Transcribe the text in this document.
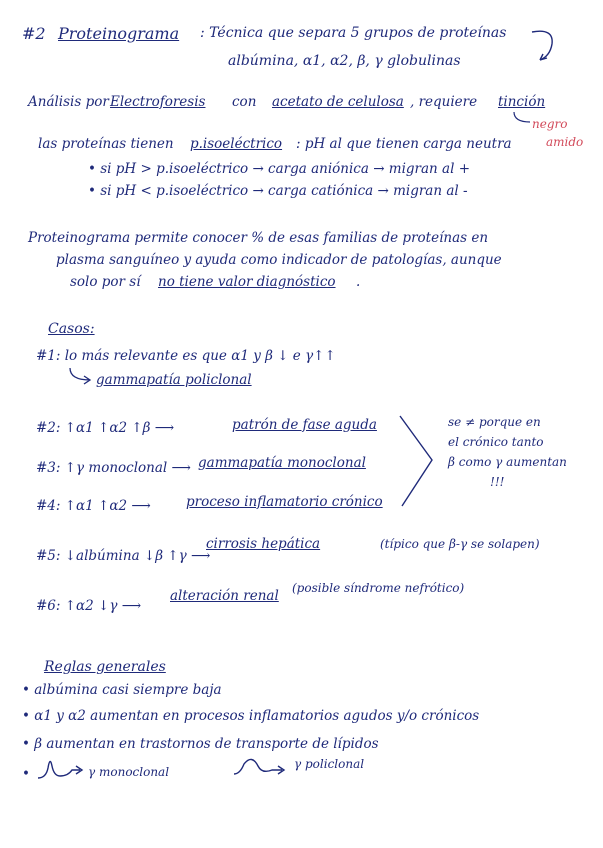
#2 Proteinograma : Técnica que separa 5 grupos de proteínas
albúmina, α1, α2, β, γ globulinas
Análisis por Electroforesis con acetato de celulosa , requiere tinción
negro
amido
las proteínas tienen p.isoeléctrico : pH al que tienen carga neutra
• si pH > p.isoeléctrico → carga aniónica → migran al +
• si pH < p.isoeléctrico → carga catiónica → migran al -
Proteinograma permite conocer % de esas familias de proteínas en
plasma sanguíneo y ayuda como indicador de patologías, aunque
solo por sí no tiene valor diagnóstico .
Casos:
#1: lo más relevante es que α1 y β ↓ e γ↑↑
gammapatía policlonal
#2: ↑α1 ↑α2 ↑β ⟶	patrón de fase aguda
#3: ↑γ monoclonal ⟶ gammapatía monoclonal
#4: ↑α1 ↑α2 ⟶	proceso inflamatorio crónico
se ≠ porque en
el crónico tanto
β como γ aumentan
!!!
#5: ↓albúmina ↓β ↑γ ⟶
cirrosis hepática	(típico que β-γ se solapen)
#6: ↑α2 ↓γ ⟶
alteración renal (posible síndrome nefrótico)
Reglas generales
• albúmina casi siempre baja
• α1 y α2 aumentan en procesos inflamatorios agudos y/o crónicos
• β aumentan en trastornos de transporte de lípidos
•	γ monoclonal
γ policlonal
